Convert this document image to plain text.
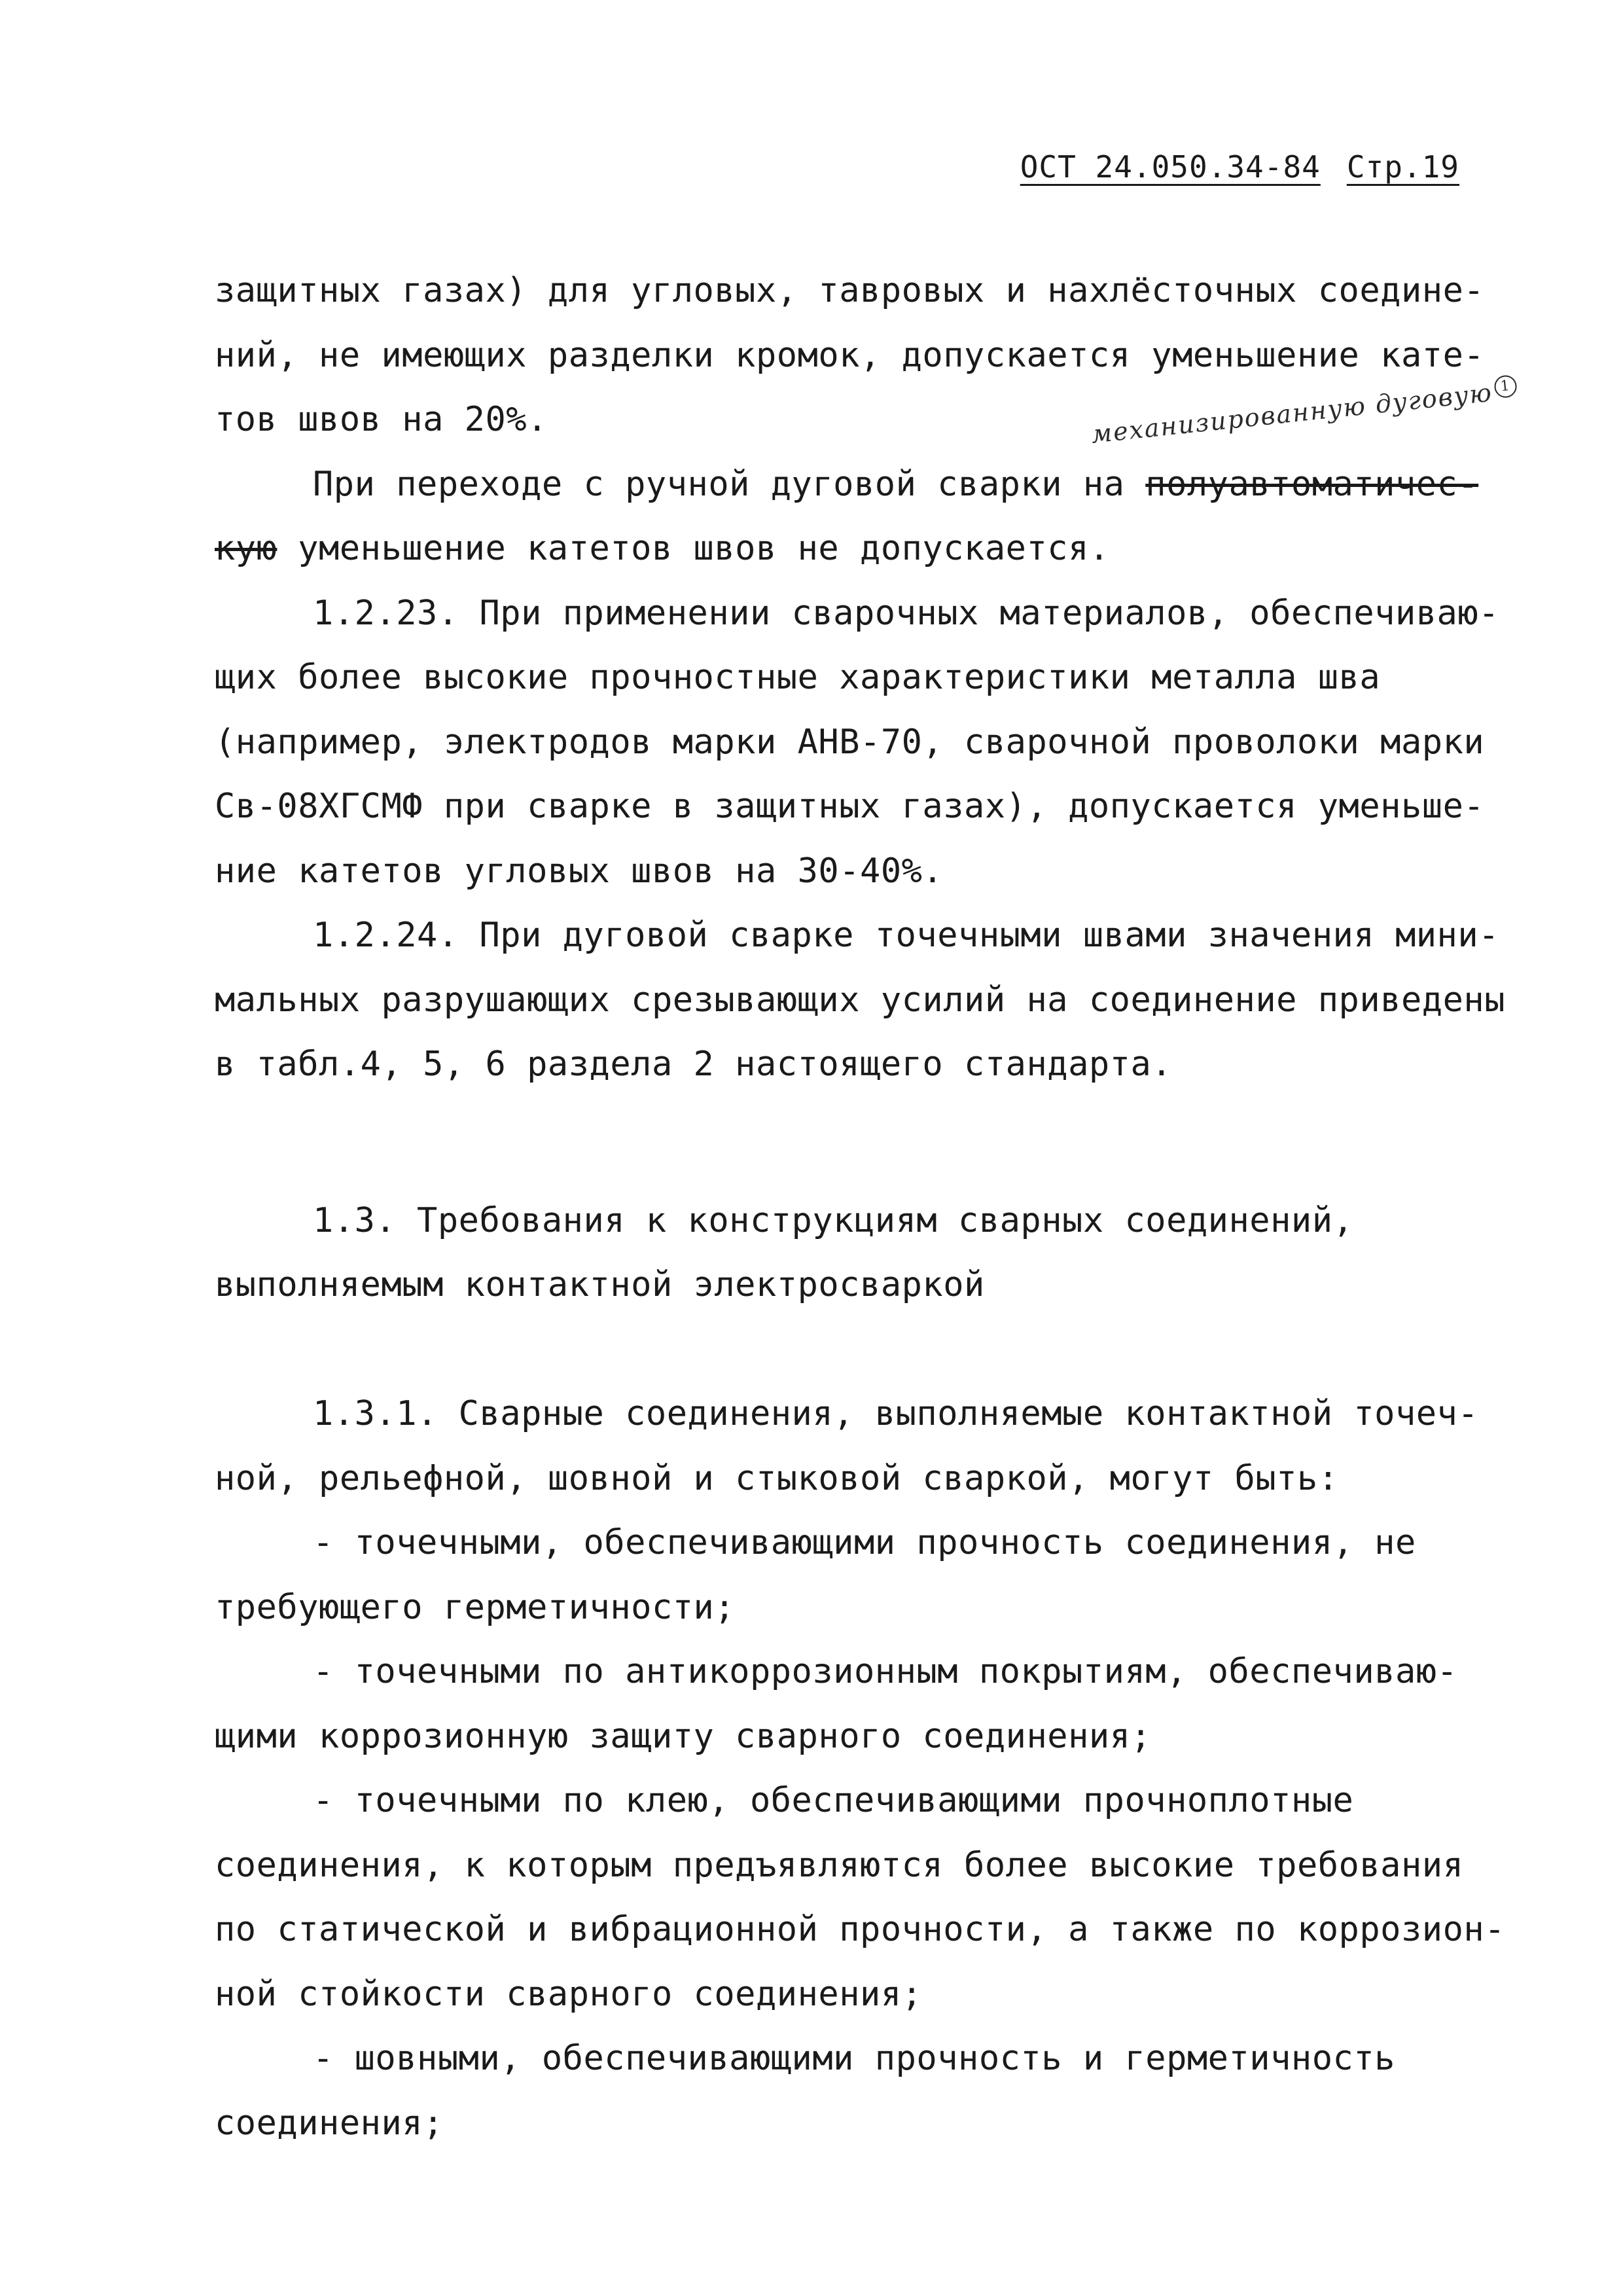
ОСТ 24.050.34-84 Стр.19
механизированную дуговую 1
защитных газах) для угловых, тавровых и нахлёсточных соедине-
ний, не имеющих разделки кромок, допускается уменьшение кате-
тов швов на 20%.
При переходе с ручной дуговой сварки на полуавтоматичес-
кую уменьшение катетов швов не допускается.
1.2.23. При применении сварочных материалов, обеспечиваю-
щих более высокие прочностные характеристики металла шва
(например, электродов марки АНВ-70, сварочной проволоки марки
Св-08ХГСМФ при сварке в защитных газах), допускается уменьше-
ние катетов угловых швов на 30-40%.
1.2.24. При дуговой сварке точечными швами значения мини-
мальных разрушающих срезывающих усилий на соединение приведены
в табл.4, 5, 6 раздела 2 настоящего стандарта.
1.3. Требования к конструкциям сварных соединений,
выполняемым контактной электросваркой
1.3.1. Сварные соединения, выполняемые контактной точеч-
ной, рельефной, шовной и стыковой сваркой, могут быть:
- точечными, обеспечивающими прочность соединения, не
требующего герметичности;
- точечными по антикоррозионным покрытиям, обеспечиваю-
щими коррозионную защиту сварного соединения;
- точечными по клею, обеспечивающими прочноплотные
соединения, к которым предъявляются более высокие требования
по статической и вибрационной прочности, а также по коррозион-
ной стойкости сварного соединения;
- шовными, обеспечивающими прочность и герметичность
соединения;
